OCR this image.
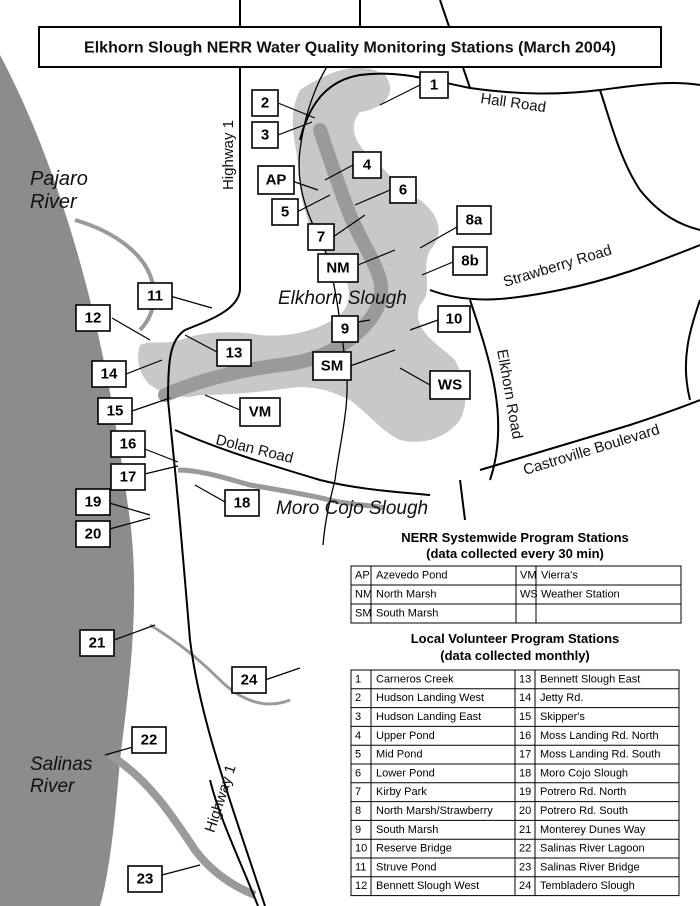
Elkhorn Slough NERR Water Quality Monitoring Stations (March 2004)
Pajaro
River
Salinas
River
Elkhorn Slough
Moro Cojo Slough
Highway 1
Highway 1
Hall Road
Strawberry Road
Elkhorn Road
Dolan Road	Castroville Boulevard
1
2
3
4
AP
5
6
7
8a
8b
NM
9
10
11
12
13
14
15	VM
SM
WS
16
17
18
19
20
21
22
23
24
NERR Systemwide Program Stations
(data collected every 30 min)
AP Azevedo Pond	VM Vierra's
NM North Marsh	WS Weather Station
SM South Marsh
Local Volunteer Program Stations
(data collected monthly)
1 Carneros Creek	13 Bennett Slough East
2 Hudson Landing West	14 Jetty Rd.
3 Hudson Landing East	15 Skipper's
4 Upper Pond	16 Moss Landing Rd. North
5 Mid Pond	17 Moss Landing Rd. South
6 Lower Pond	18 Moro Cojo Slough
7 Kirby Park	19 Potrero Rd. North
8 North Marsh/Strawberry 20 Potrero Rd. South
9 South Marsh	21 Monterey Dunes Way
10 Reserve Bridge	22 Salinas River Lagoon
11 Struve Pond	23 Salinas River Bridge
12 Bennett Slough West	24 Tembladero Slough
